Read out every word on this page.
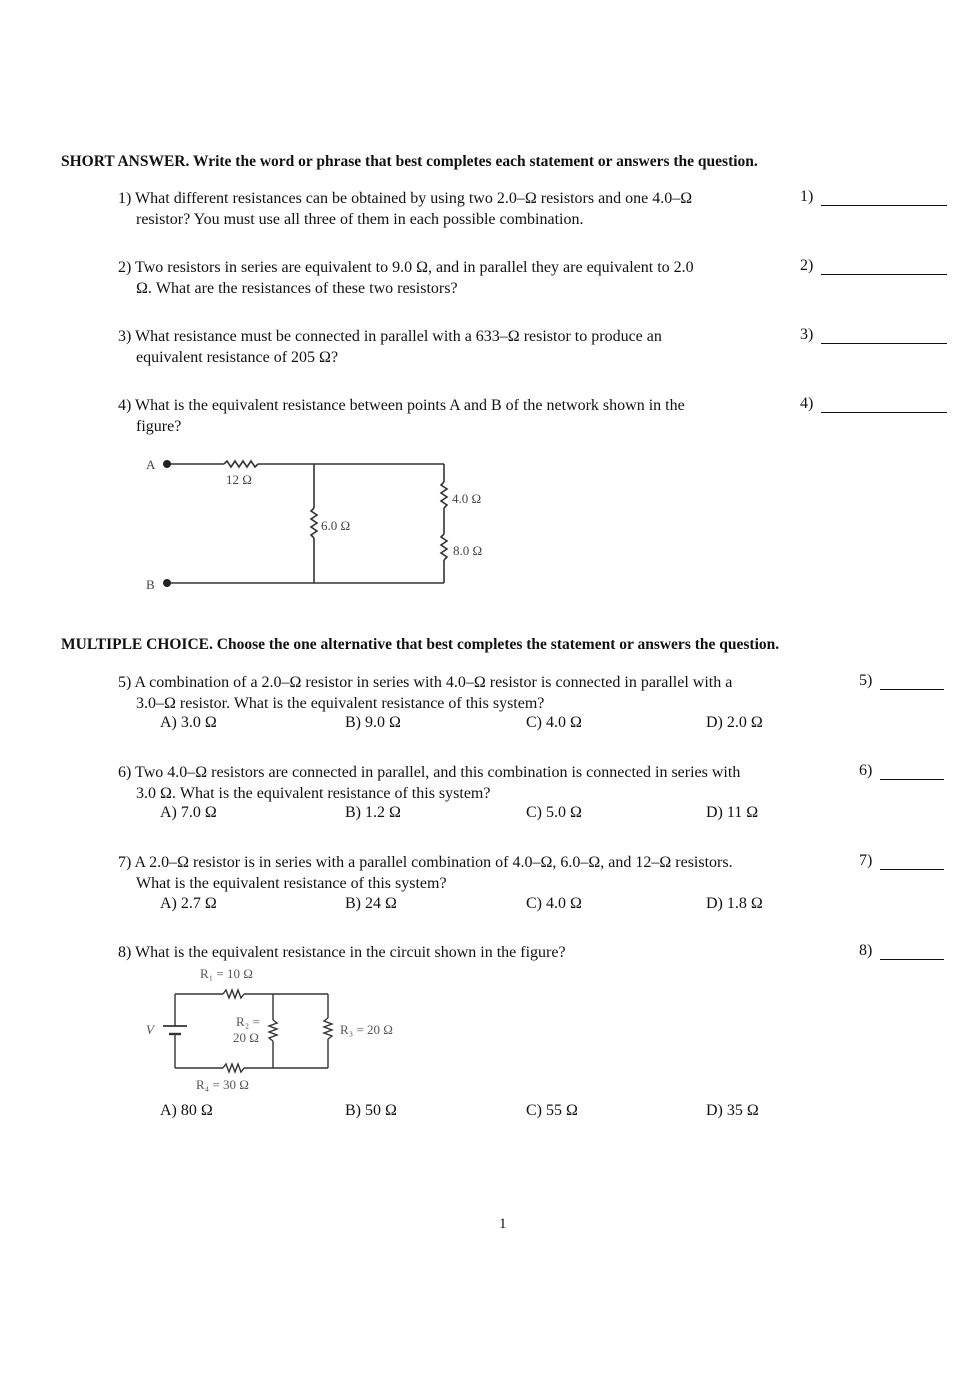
SHORT ANSWER. Write the word or phrase that best completes each statement or answers the question.
MULTIPLE CHOICE. Choose the one alternative that best completes the statement or answers the question.
1) What different resistances can be obtained by using two 2.0–Ω resistors and one 4.0–Ω
resistor? You must use all three of them in each possible combination.
1)
2) Two resistors in series are equivalent to 9.0 Ω, and in parallel they are equivalent to 2.0
Ω. What are the resistances of these two resistors?
2)
3) What resistance must be connected in parallel with a 633–Ω resistor to produce an
equivalent resistance of 205 Ω?
3)
4) What is the equivalent resistance between points A and B of the network shown in the
figure?
4)
A
B
12 Ω
6.0 Ω
4.0 Ω
8.0 Ω
5) A combination of a 2.0–Ω resistor in series with 4.0–Ω resistor is connected in parallel with a
3.0–Ω resistor. What is the equivalent resistance of this system?
5)
A) 3.0 Ω	B) 9.0 Ω	C) 4.0 Ω	D) 2.0 Ω
6) Two 4.0–Ω resistors are connected in parallel, and this combination is connected in series with
3.0 Ω. What is the equivalent resistance of this system?
6)
A) 7.0 Ω	B) 1.2 Ω	C) 5.0 Ω	D) 11 Ω
7) A 2.0–Ω resistor is in series with a parallel combination of 4.0–Ω, 6.0–Ω, and 12–Ω resistors.
What is the equivalent resistance of this system?
7)
A) 2.7 Ω	B) 24 Ω	C) 4.0 Ω	D) 1.8 Ω
8) What is the equivalent resistance in the circuit shown in the figure?	8)
V
R₁ = 10 Ω
R₂ =
20 Ω
R₃ = 20 Ω
R₄ = 30 Ω
A) 80 Ω	B) 50 Ω	C) 55 Ω	D) 35 Ω
1
